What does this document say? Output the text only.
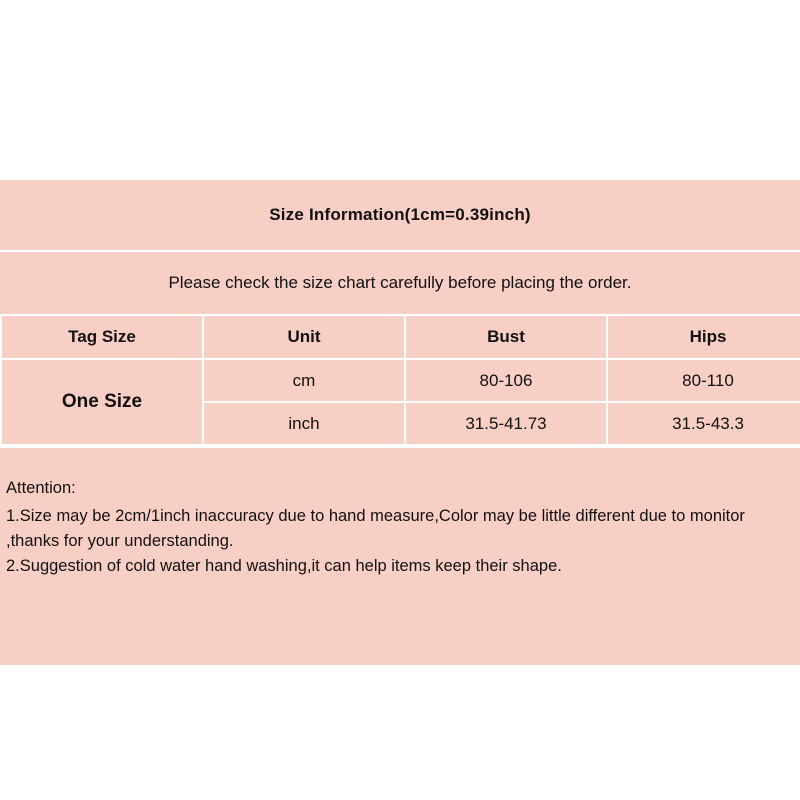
Size Information(1cm=0.39inch)
Please check the size chart carefully before placing the order.
Tag Size	Unit	Bust	Hips
One Size	cm	80-106	80-110
	inch	31.5-41.73	31.5-43.3
Attention:
1.Size may be 2cm/1inch inaccuracy due to hand measure,Color may be little different due to monitor ,thanks for your understanding.
2.Suggestion of cold water hand washing,it can help items keep their shape.
